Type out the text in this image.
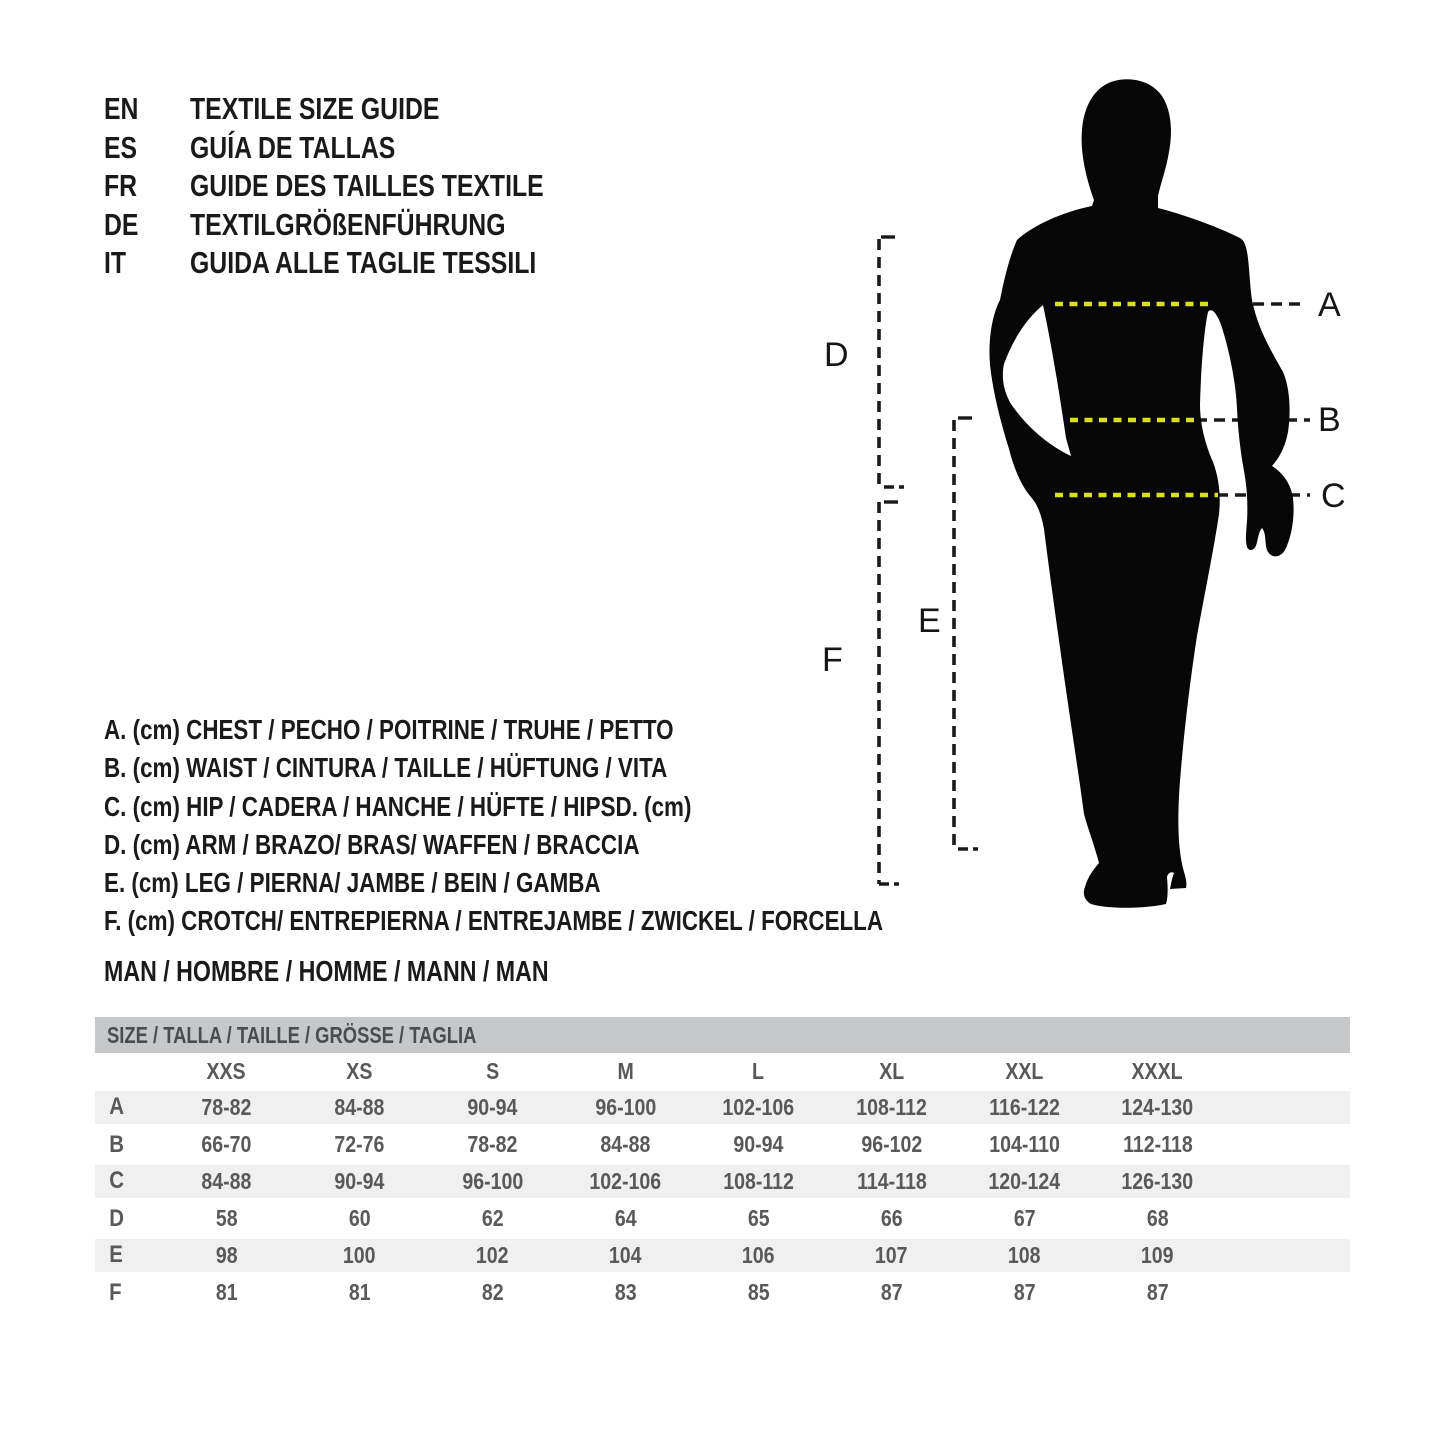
EN TEXTILE SIZE GUIDE
ES GUÍA DE TALLAS
FR GUIDE DES TAILLES TEXTILE
DE TEXTILGRÖßENFÜHRUNG
IT GUIDA ALLE TAGLIE TESSILI
A
B
C
D
E
F
A. (cm) CHEST / PECHO / POITRINE / TRUHE / PETTO
B. (cm) WAIST / CINTURA / TAILLE / HÜFTUNG / VITA
C. (cm) HIP / CADERA / HANCHE / HÜFTE / HIPSD. (cm)
D. (cm) ARM / BRAZO/ BRAS/ WAFFEN / BRACCIA
E. (cm) LEG / PIERNA/ JAMBE / BEIN / GAMBA
F. (cm) CROTCH/ ENTREPIERNA / ENTREJAMBE / ZWICKEL / FORCELLA
MAN / HOMBRE / HOMME / MANN / MAN
SIZE / TALLA / TAILLE / GRÖSSE / TAGLIA
XXS	XS	S	M	L	XL	XXL	XXXL
A	78-82	84-88	90-94	96-100	102-106	108-112	116-122	124-130
B	66-70	72-76	78-82	84-88	90-94	96-102	104-110	112-118
C	84-88	90-94	96-100	102-106	108-112	114-118	120-124	126-130
D	58	60	62	64	65	66	67	68
E	98	100	102	104	106	107	108	109
F	81	81	82	83	85	87	87	87
